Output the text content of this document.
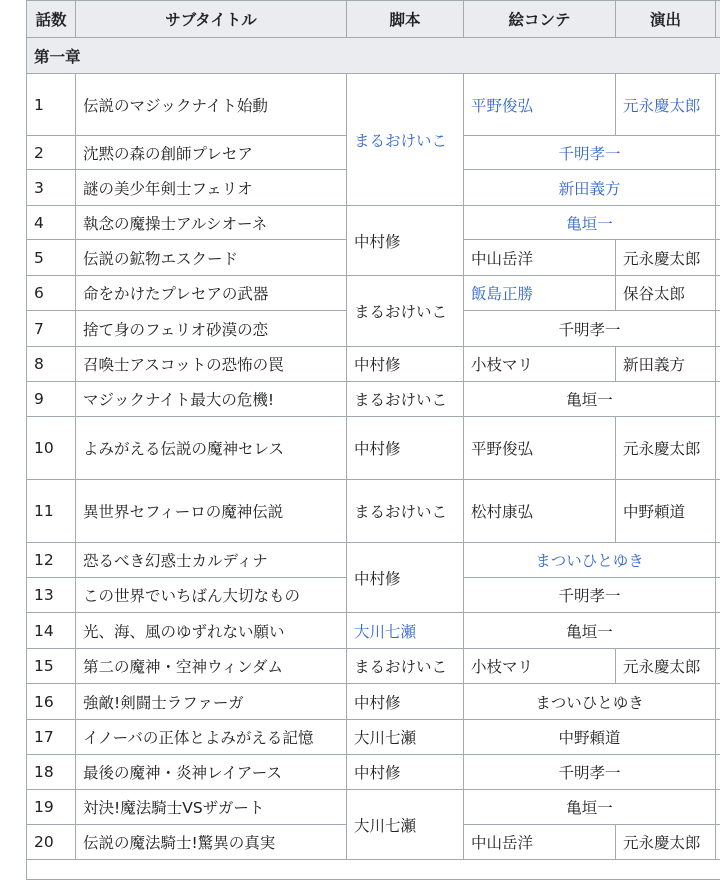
話数	サブタイトル	脚本	絵コンテ	演出	
第一章					
1	伝説のマジックナイト始動	まるおけいこ	平野俊弘	元永慶太郎	
2	沈黙の森の創師プレセア		千明孝一		
3	謎の美少年剣士フェリオ		新田義方		
4	執念の魔操士アルシオーネ	中村修	亀垣一		
5	伝説の鉱物エスクード		中山岳洋	元永慶太郎	
6	命をかけたプレセアの武器	まるおけいこ	飯島正勝	保谷太郎	
7	捨て身のフェリオ砂漠の恋		千明孝一		
8	召喚士アスコットの恐怖の罠	中村修	小枝マリ	新田義方	
9	マジックナイト最大の危機!	まるおけいこ	亀垣一		
10	よみがえる伝説の魔神セレス	中村修	平野俊弘	元永慶太郎	
11	異世界セフィーロの魔神伝説	まるおけいこ	松村康弘	中野頼道	
12	恐るべき幻惑士カルディナ	中村修	まついひとゆき		
13	この世界でいちばん大切なもの		千明孝一		
14	光、海、風のゆずれない願い	大川七瀬	亀垣一		
15	第二の魔神・空神ウィンダム	まるおけいこ	小枝マリ	元永慶太郎	
16	強敵!剣闘士ラファーガ	中村修	まついひとゆき		
17	イノーバの正体とよみがえる記憶	大川七瀬	中野頼道		
18	最後の魔神・炎神レイアース	中村修	千明孝一		
19	対決!魔法騎士VSザガート	大川七瀬	亀垣一		
20	伝説の魔法騎士!驚異の真実		中山岳洋	元永慶太郎	
